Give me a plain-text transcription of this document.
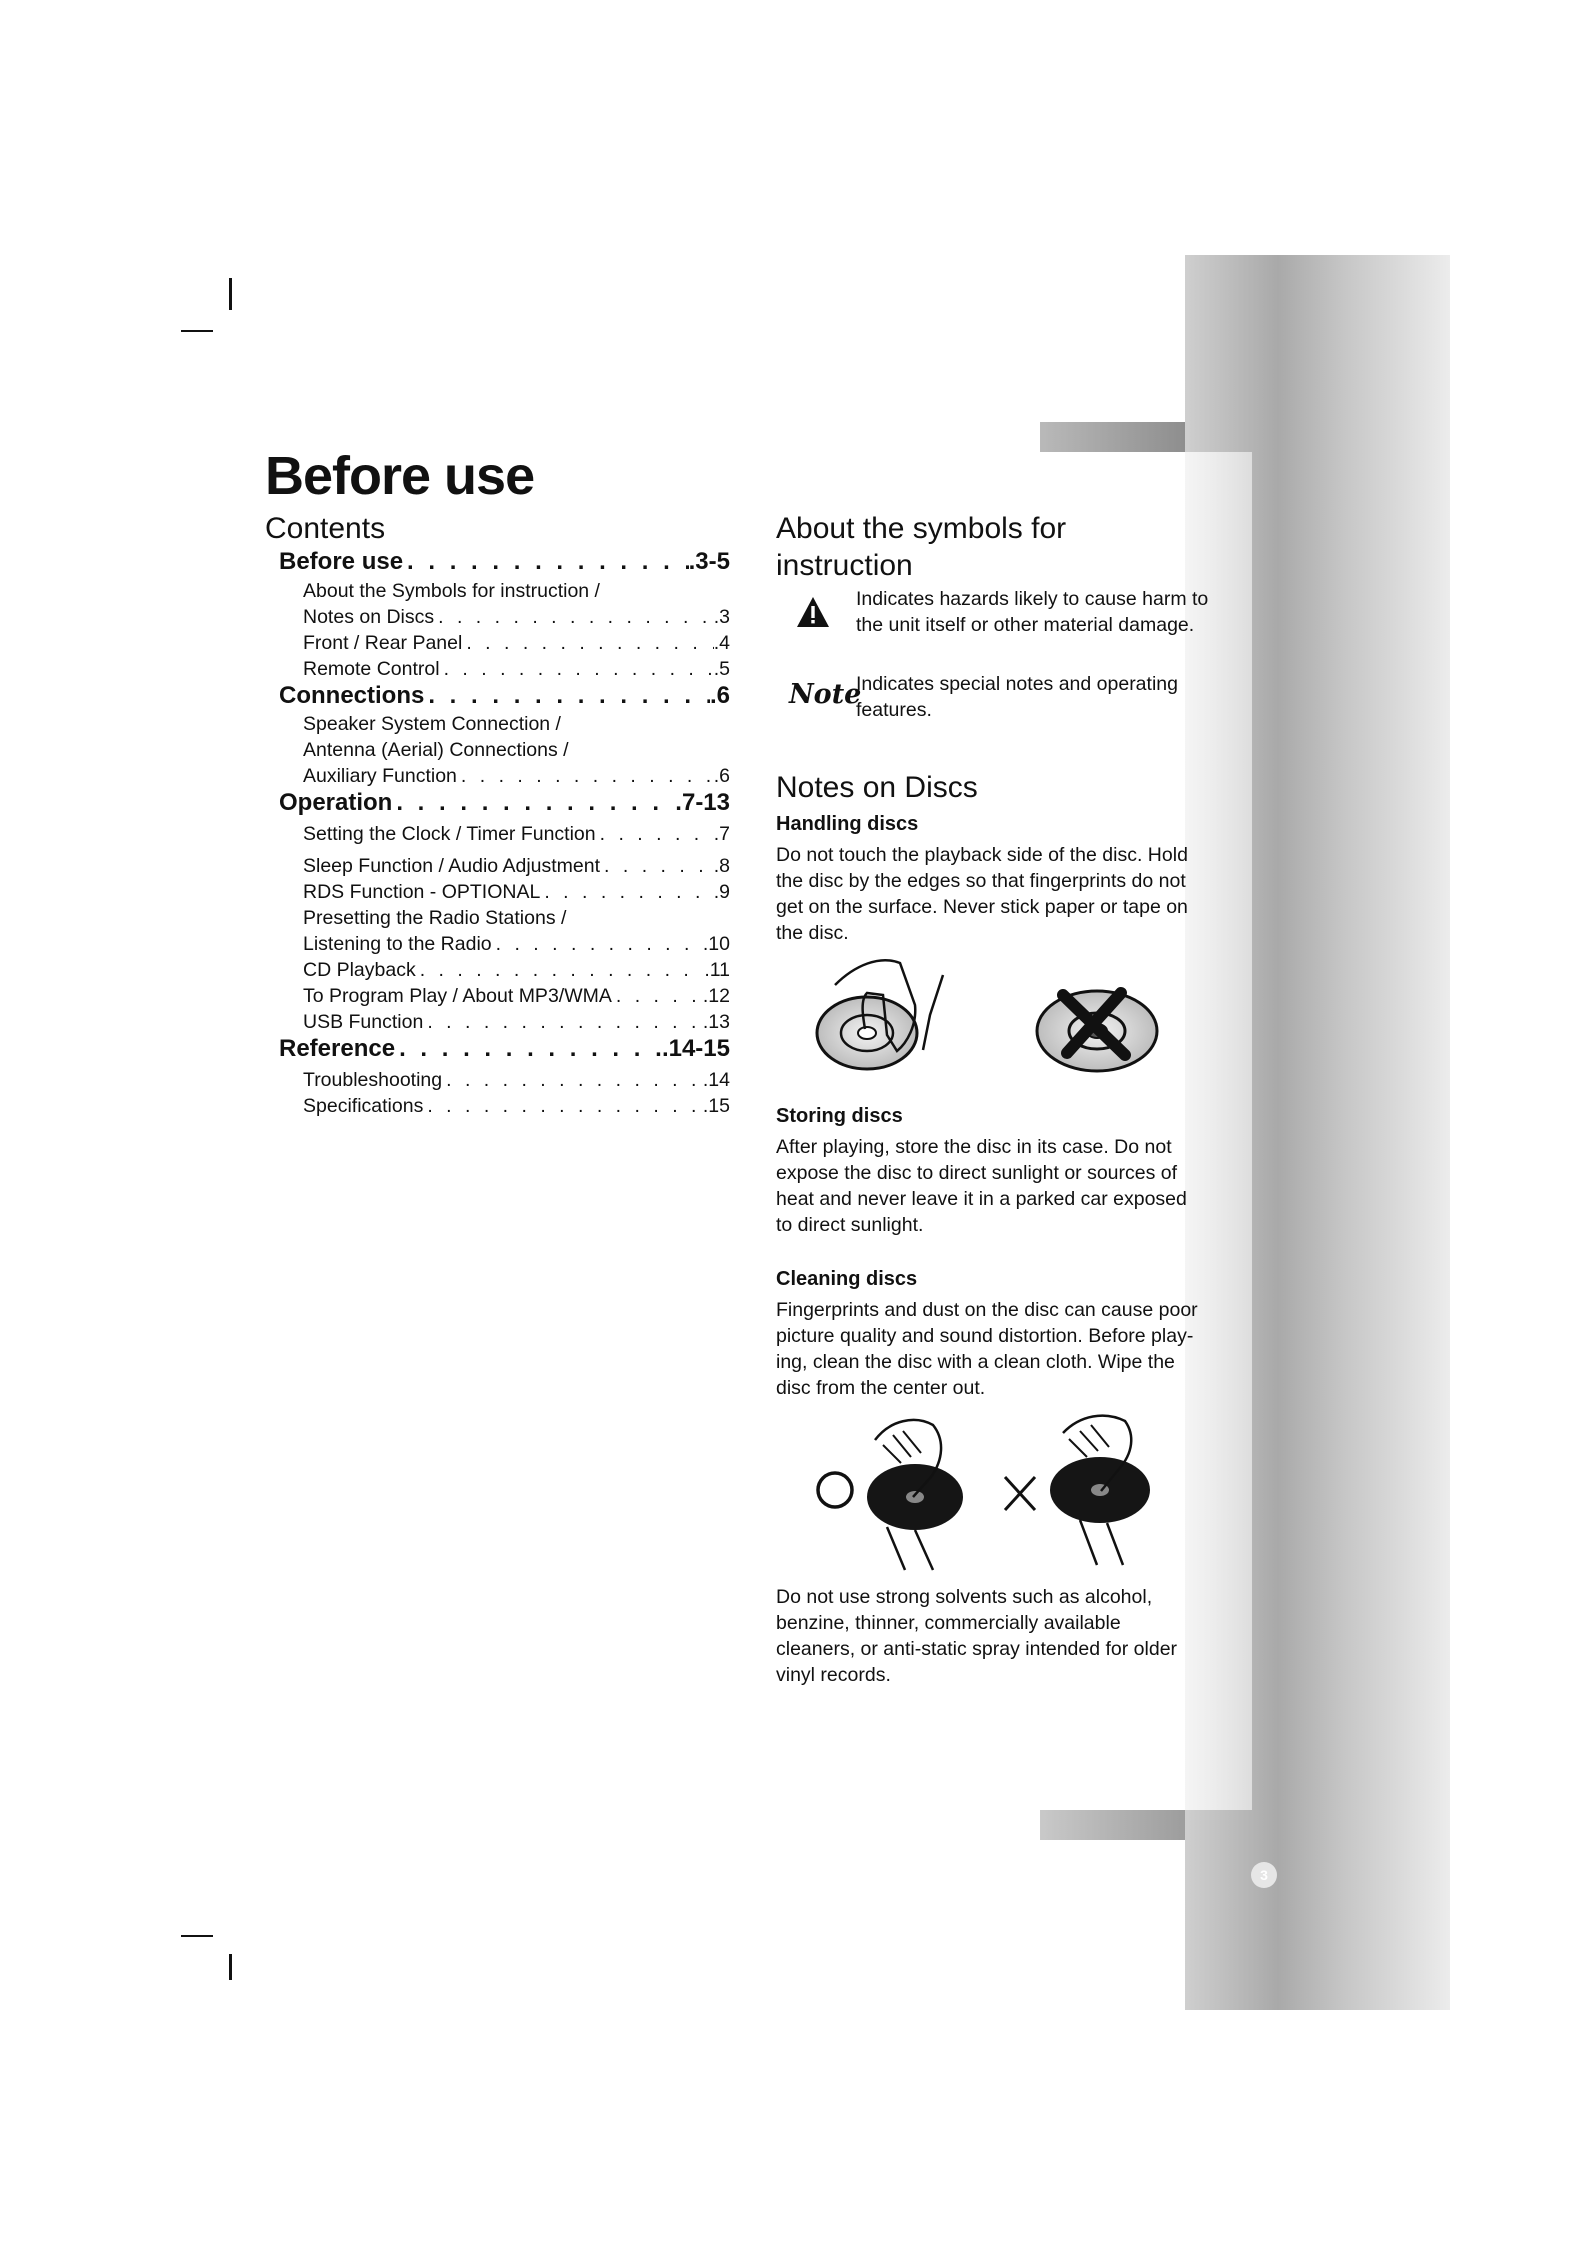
3
Before use
Contents
Before use . . .	.3-5
About the Symbols for instruction /
Notes on Discs . . .	.3
Front / Rear Panel . . .	.4
Remote Control . . .	.5
Connections . . .	.6
Speaker System Connection /
Antenna (Aerial) Connections /
Auxiliary Function . . .	.6
Operation . . .	.7-13
Setting the Clock / Timer Function . . .	.7
Sleep Function / Audio Adjustment . . .	.8
RDS Function - OPTIONAL . . .	.9
Presetting the Radio Stations /
Listening to the Radio . . .	.10
CD Playback . . .	.11
To Program Play / About MP3/WMA . . .	.12
USB Function . . .	.13
Reference . . .	.14-15
Troubleshooting . . .	.14
Specifications . . .	.15
About the symbols for
instruction
Indicates hazards likely to cause harm to
the unit itself or other material damage.
Note
Indicates special notes and operating
features.
Notes on Discs
Handling discs

Do not touch the playback side of the disc. Hold

the disc by the edges so that fingerprints do not

get on the surface. Never stick paper or tape on

the disc.

Storing discs

After playing, store the disc in its case. Do not

expose the disc to direct sunlight or sources of

heat and never leave it in a parked car exposed

to direct sunlight.

Cleaning discs

Fingerprints and dust on the disc can cause poor

picture quality and sound distortion. Before play-

ing, clean the disc with a clean cloth. Wipe the

disc from the center out.

Do not use strong solvents such as alcohol,

benzine, thinner, commercially available

cleaners, or anti-static spray intended for older

vinyl records.
